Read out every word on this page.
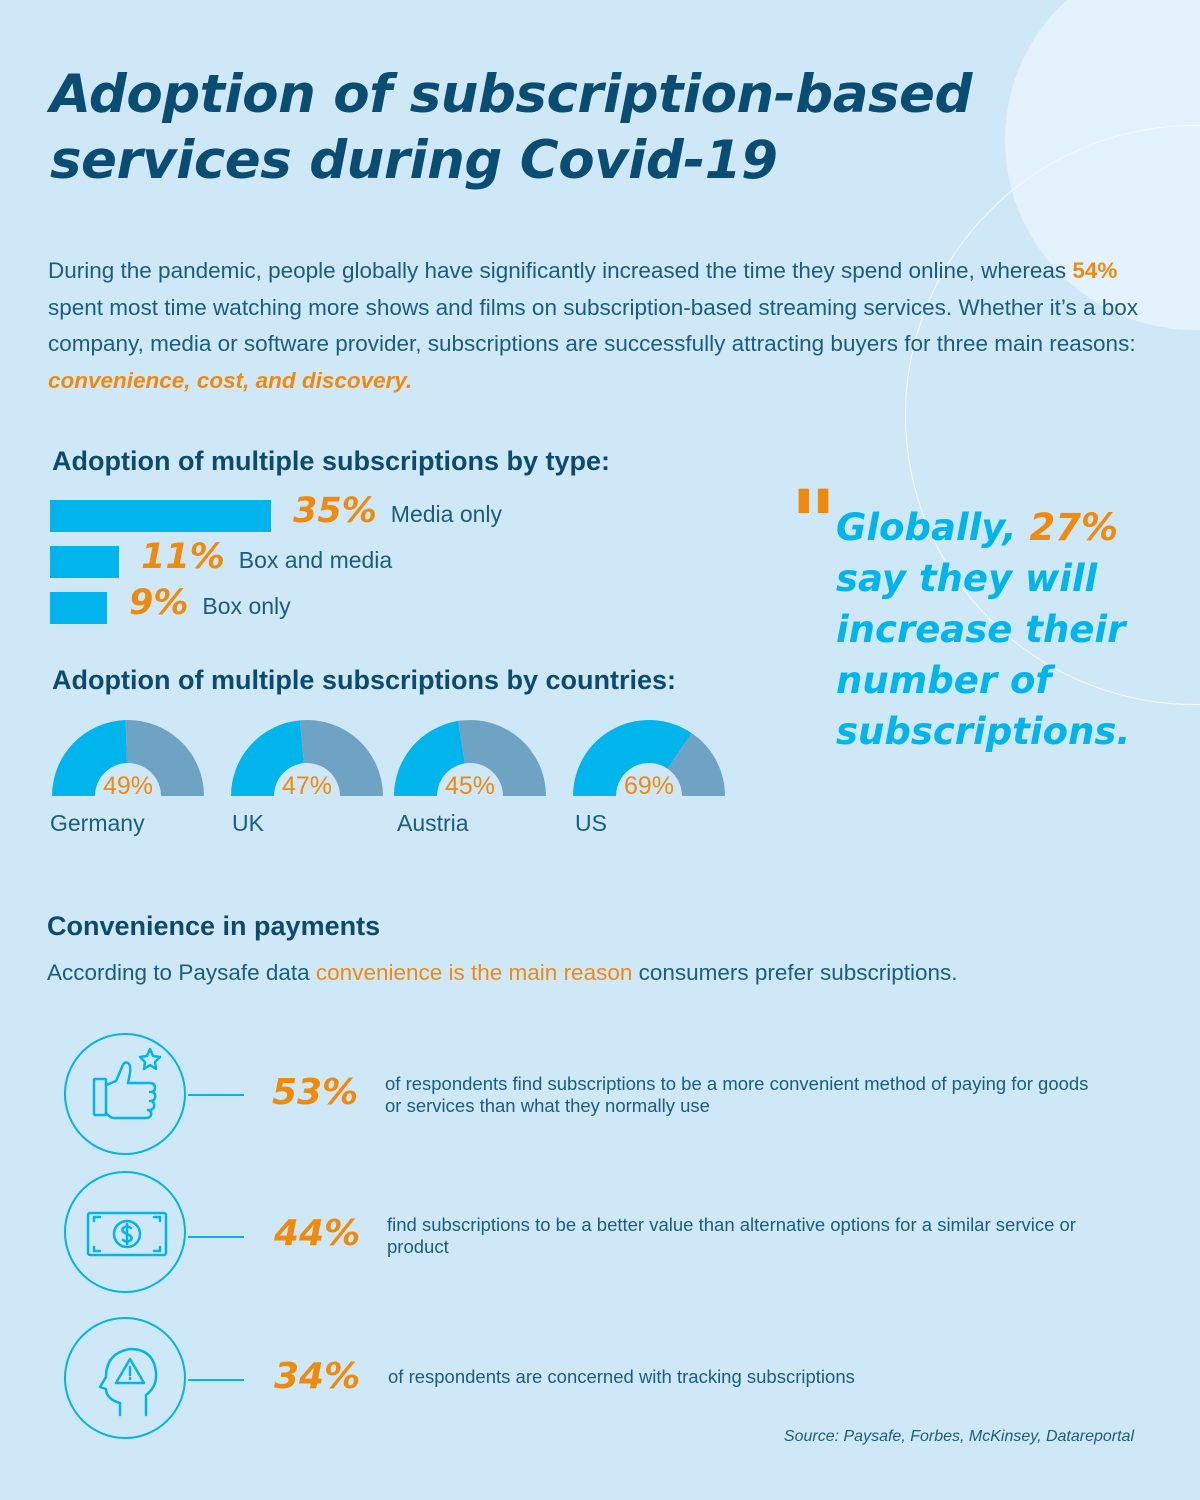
Adoption of subscription-based services during Covid-19

During the pandemic, people globally have significantly increased the time they spend online, whereas 54% spent most time watching more shows and films on subscription-based streaming services. Whether it’s a box company, media or software provider, subscriptions are successfully attracting buyers for three main reasons: convenience, cost, and discovery.

Adoption of multiple subscriptions by type:
35% Media only
11% Box and media
9% Box only
Adoption of multiple subscriptions by countries:
49%
Germany
47%
UK
45%
Austria
69%
US
" Globally, 27% say they will increase their number of subscriptions.

Convenience in payments

According to Paysafe data convenience is the main reason consumers prefer subscriptions.

53% of respondents find subscriptions to be a more convenient method of paying for goods or services than what they normally use

44% find subscriptions to be a better value than alternative options for a similar service or product

34% of respondents are concerned with tracking subscriptions

Source: Paysafe, Forbes, McKinsey, Datareportal
